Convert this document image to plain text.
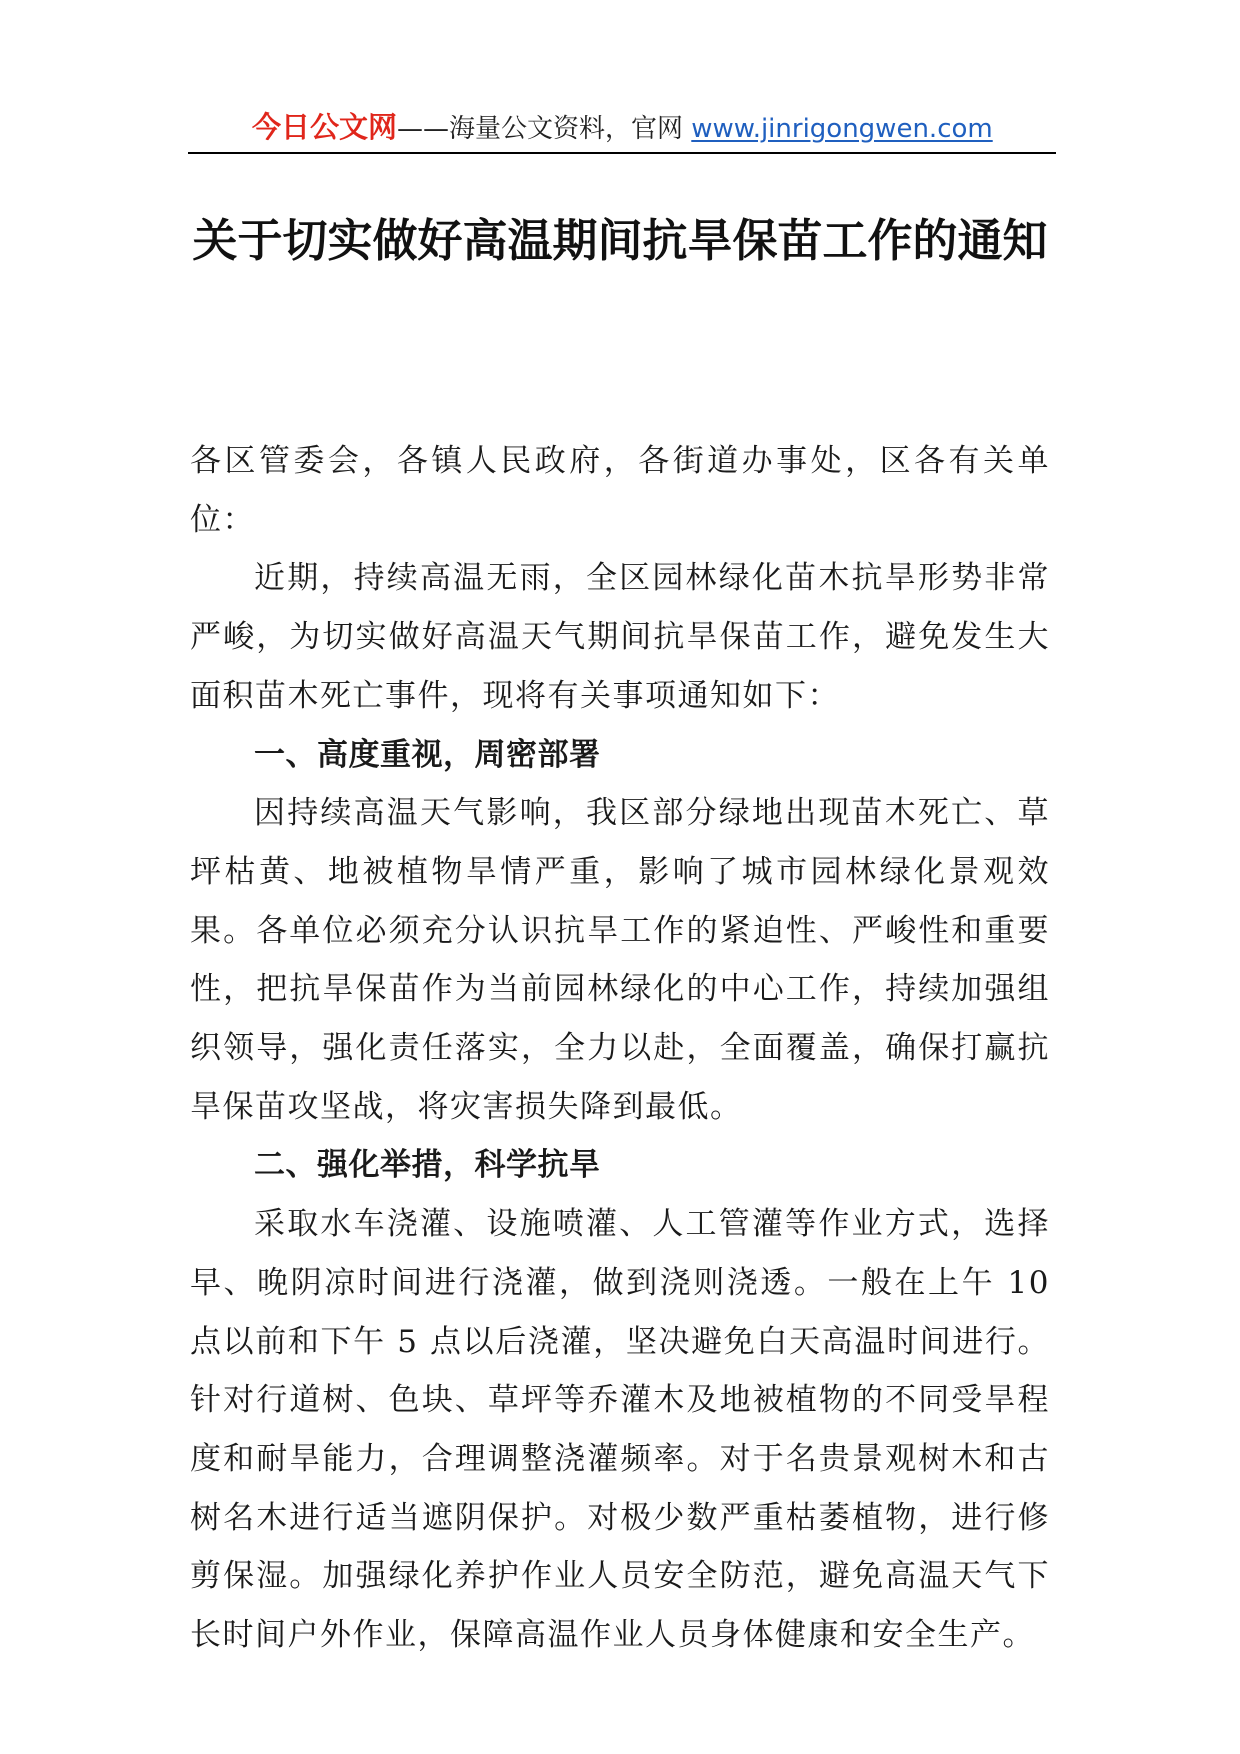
今日公文网——海量公文资料，官网 www.jinrigongwen.com
关于切实做好高温期间抗旱保苗工作的通知

各区管委会，各镇人民政府，各街道办事处，区各有关单位：

近期，持续高温无雨，全区园林绿化苗木抗旱形势非常严峻，为切实做好高温天气期间抗旱保苗工作，避免发生大面积苗木死亡事件，现将有关事项通知如下：

一、高度重视，周密部署

因持续高温天气影响，我区部分绿地出现苗木死亡、草坪枯黄、地被植物旱情严重，影响了城市园林绿化景观效果。各单位必须充分认识抗旱工作的紧迫性、严峻性和重要性，把抗旱保苗作为当前园林绿化的中心工作，持续加强组织领导，强化责任落实，全力以赴，全面覆盖，确保打赢抗旱保苗攻坚战，将灾害损失降到最低。

二、强化举措，科学抗旱

采取水车浇灌、设施喷灌、人工管灌等作业方式，选择早、晚阴凉时间进行浇灌，做到浇则浇透。一般在上午 10 点以前和下午 5 点以后浇灌，坚决避免白天高温时间进行。针对行道树、色块、草坪等乔灌木及地被植物的不同受旱程度和耐旱能力，合理调整浇灌频率。对于名贵景观树木和古树名木进行适当遮阴保护。对极少数严重枯萎植物，进行修剪保湿。加强绿化养护作业人员安全防范，避免高温天气下长时间户外作业，保障高温作业人员身体健康和安全生产。
